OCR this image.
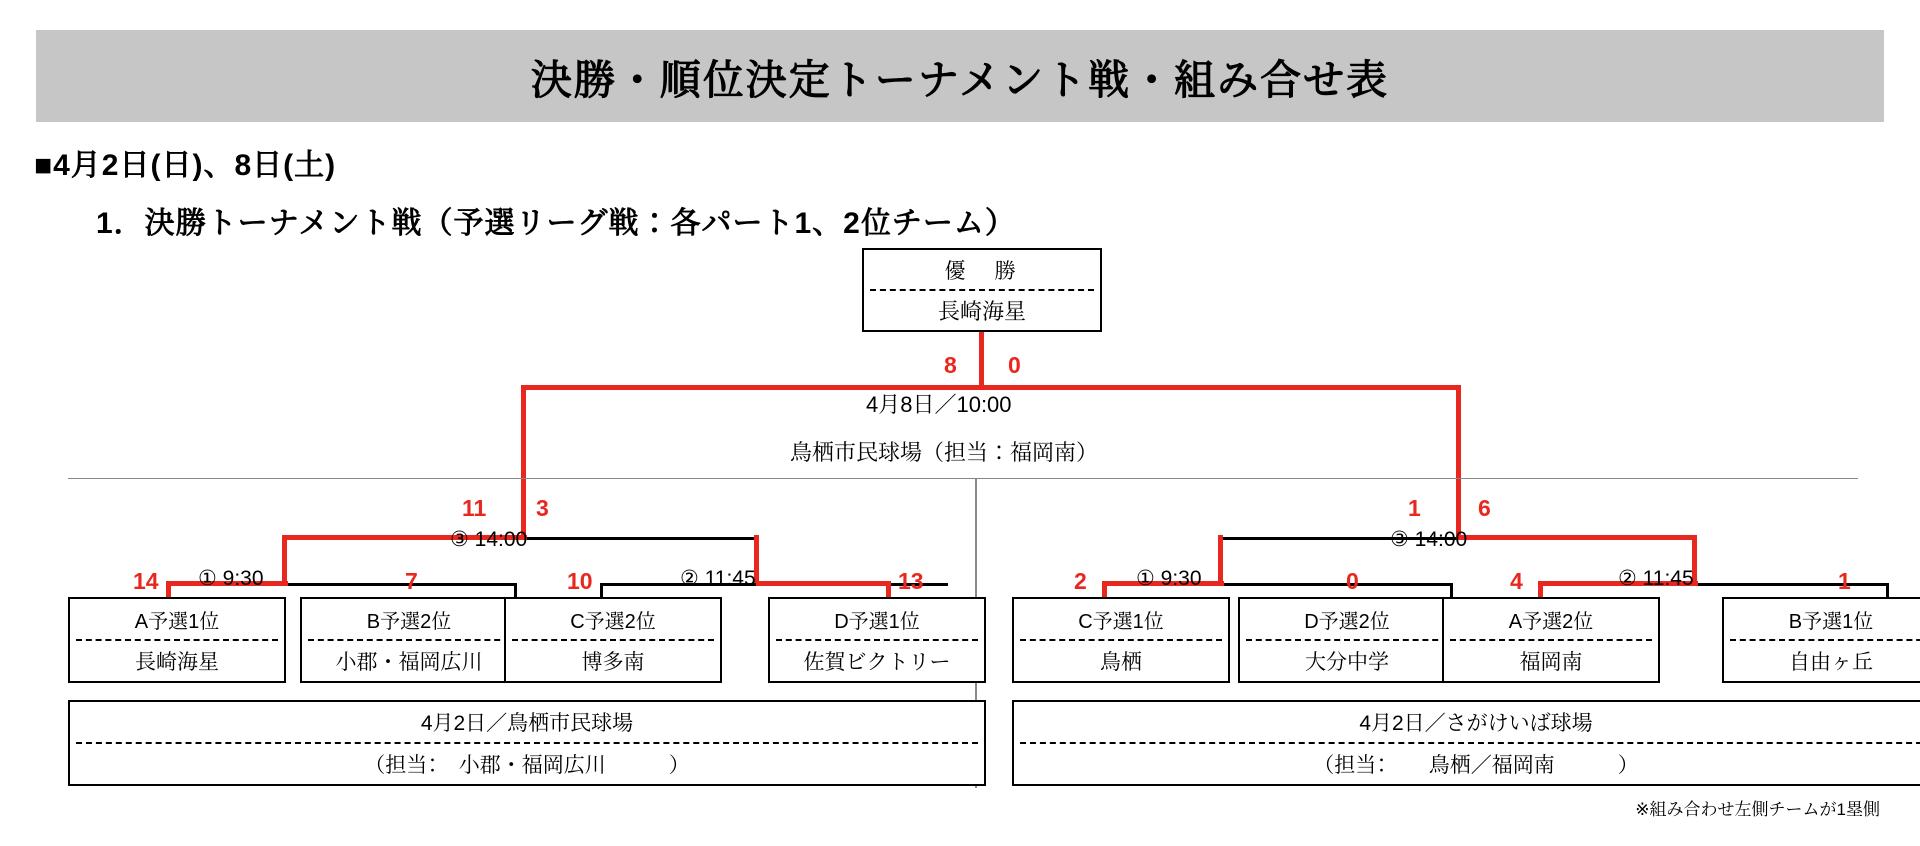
決勝・順位決定トーナメント戦・組み合せ表
■4月2日(日)、8日(土)
1．決勝トーナメント戦（予選リーグ戦：各パート1、2位チーム）
優　勝
長崎海星
8 0
4月8日／10:00
鳥栖市民球場（担当：福岡南）
11 3
③ 14:00
14	7
① 9:30	10	13
② 11:45
1 6
③ 14:00
2	0
① 9:30	4	1
② 11:45
A予選1位
長崎海星
B予選2位
小郡・福岡広川
C予選2位
博多南
D予選1位
佐賀ビクトリー
C予選1位
鳥栖
D予選2位
大分中学
A予選2位
福岡南
B予選1位
自由ヶ丘
4月2日／鳥栖市民球場
（担当：　小郡・福岡広川　　　）
4月2日／さがけいば球場
（担当：　　鳥栖／福岡南　　　）
※組み合わせ左側チームが1塁側
